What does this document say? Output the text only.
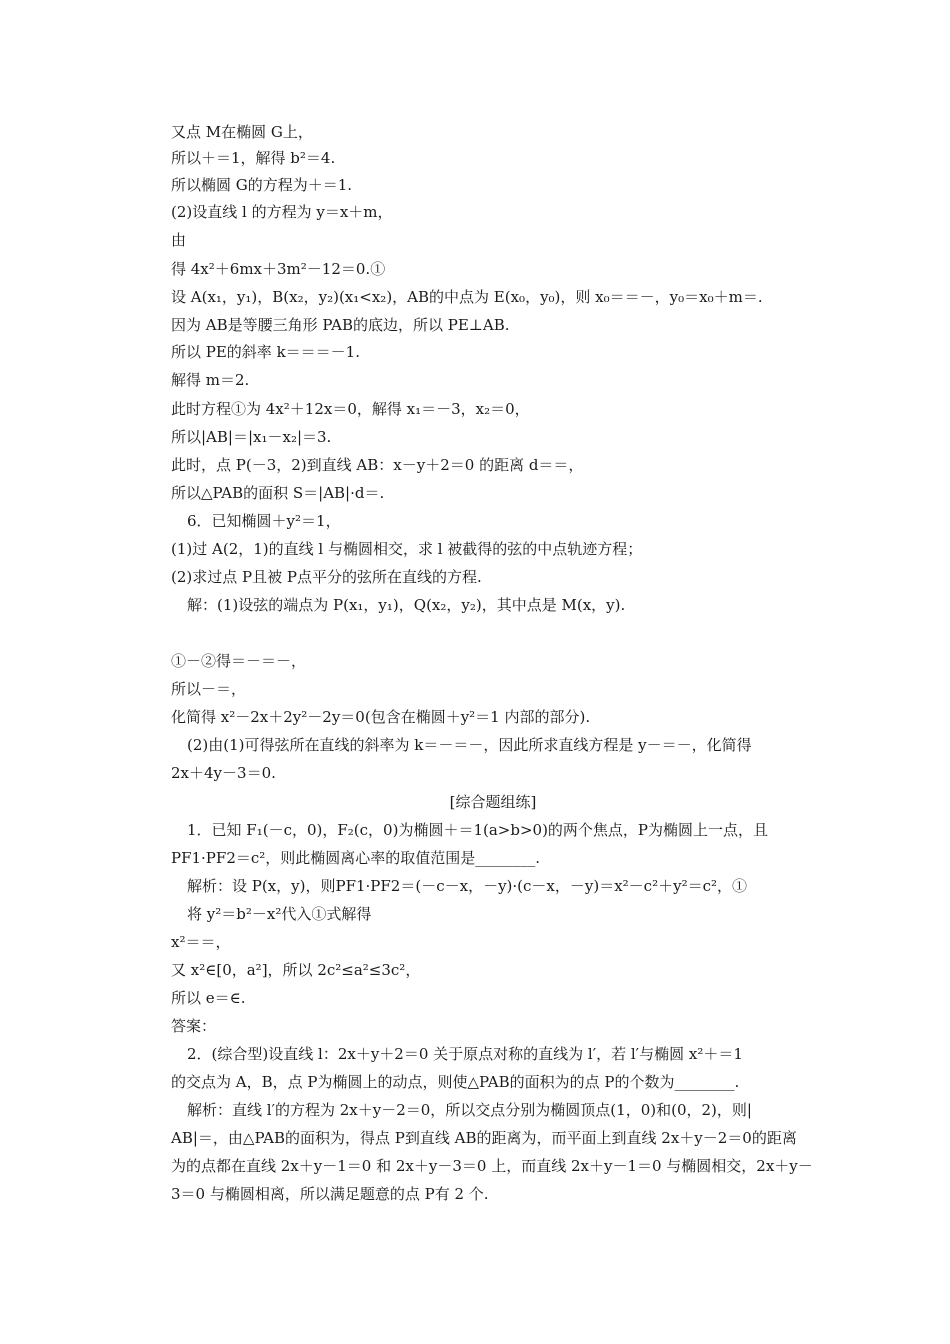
又点 M在椭圆 G上，
所以＋＝1，解得 b²＝4.
所以椭圆 G的方程为＋＝1.
(2)设直线 l 的方程为 y＝x＋m，
由
得 4x²＋6mx＋3m²－12＝0.①
设 A(x₁，y₁)，B(x₂，y₂)(x₁<x₂)，AB的中点为 E(x₀，y₀)，则 x₀＝＝－，y₀＝x₀＋m＝.
因为 AB是等腰三角形 PAB的底边，所以 PE⊥AB.
所以 PE的斜率 k＝＝＝－1.
解得 m＝2.
此时方程①为 4x²＋12x＝0，解得 x₁＝－3，x₂＝0，
所以|AB|＝|x₁－x₂|＝3.
此时，点 P(－3，2)到直线 AB：x－y＋2＝0 的距离 d＝＝，
所以△PAB的面积 S＝|AB|·d＝.
6．已知椭圆＋y²＝1，
(1)过 A(2，1)的直线 l 与椭圆相交，求 l 被截得的弦的中点轨迹方程；
(2)求过点 P且被 P点平分的弦所在直线的方程.
解：(1)设弦的端点为 P(x₁，y₁)，Q(x₂，y₂)，其中点是 M(x，y).
①－②得＝－＝－，
所以－＝，
化简得 x²－2x＋2y²－2y＝0(包含在椭圆＋y²＝1 内部的部分).
(2)由(1)可得弦所在直线的斜率为 k＝－＝－，因此所求直线方程是 y－＝－，化简得
2x＋4y－3＝0.
[综合题组练]
1．已知 F₁(－c，0)，F₂(c，0)为椭圆＋＝1(a>b>0)的两个焦点，P为椭圆上一点，且
PF1·PF2＝c²，则此椭圆离心率的取值范围是________.
解析：设 P(x，y)，则PF1·PF2＝(－c－x，－y)·(c－x，－y)＝x²－c²＋y²＝c²，①
将 y²＝b²－x²代入①式解得
x²＝＝，
又 x²∈[0，a²]，所以 2c²≤a²≤3c²，
所以 e＝∈.
答案：
2．(综合型)设直线 l：2x＋y＋2＝0 关于原点对称的直线为 l′，若 l′与椭圆 x²＋＝1
的交点为 A，B，点 P为椭圆上的动点，则使△PAB的面积为的点 P的个数为________.
解析：直线 l′的方程为 2x＋y－2＝0，所以交点分别为椭圆顶点(1，0)和(0，2)，则|
AB|＝，由△PAB的面积为，得点 P到直线 AB的距离为，而平面上到直线 2x＋y－2＝0的距离
为的点都在直线 2x＋y－1＝0 和 2x＋y－3＝0 上，而直线 2x＋y－1＝0 与椭圆相交，2x＋y－
3＝0 与椭圆相离，所以满足题意的点 P有 2 个.
